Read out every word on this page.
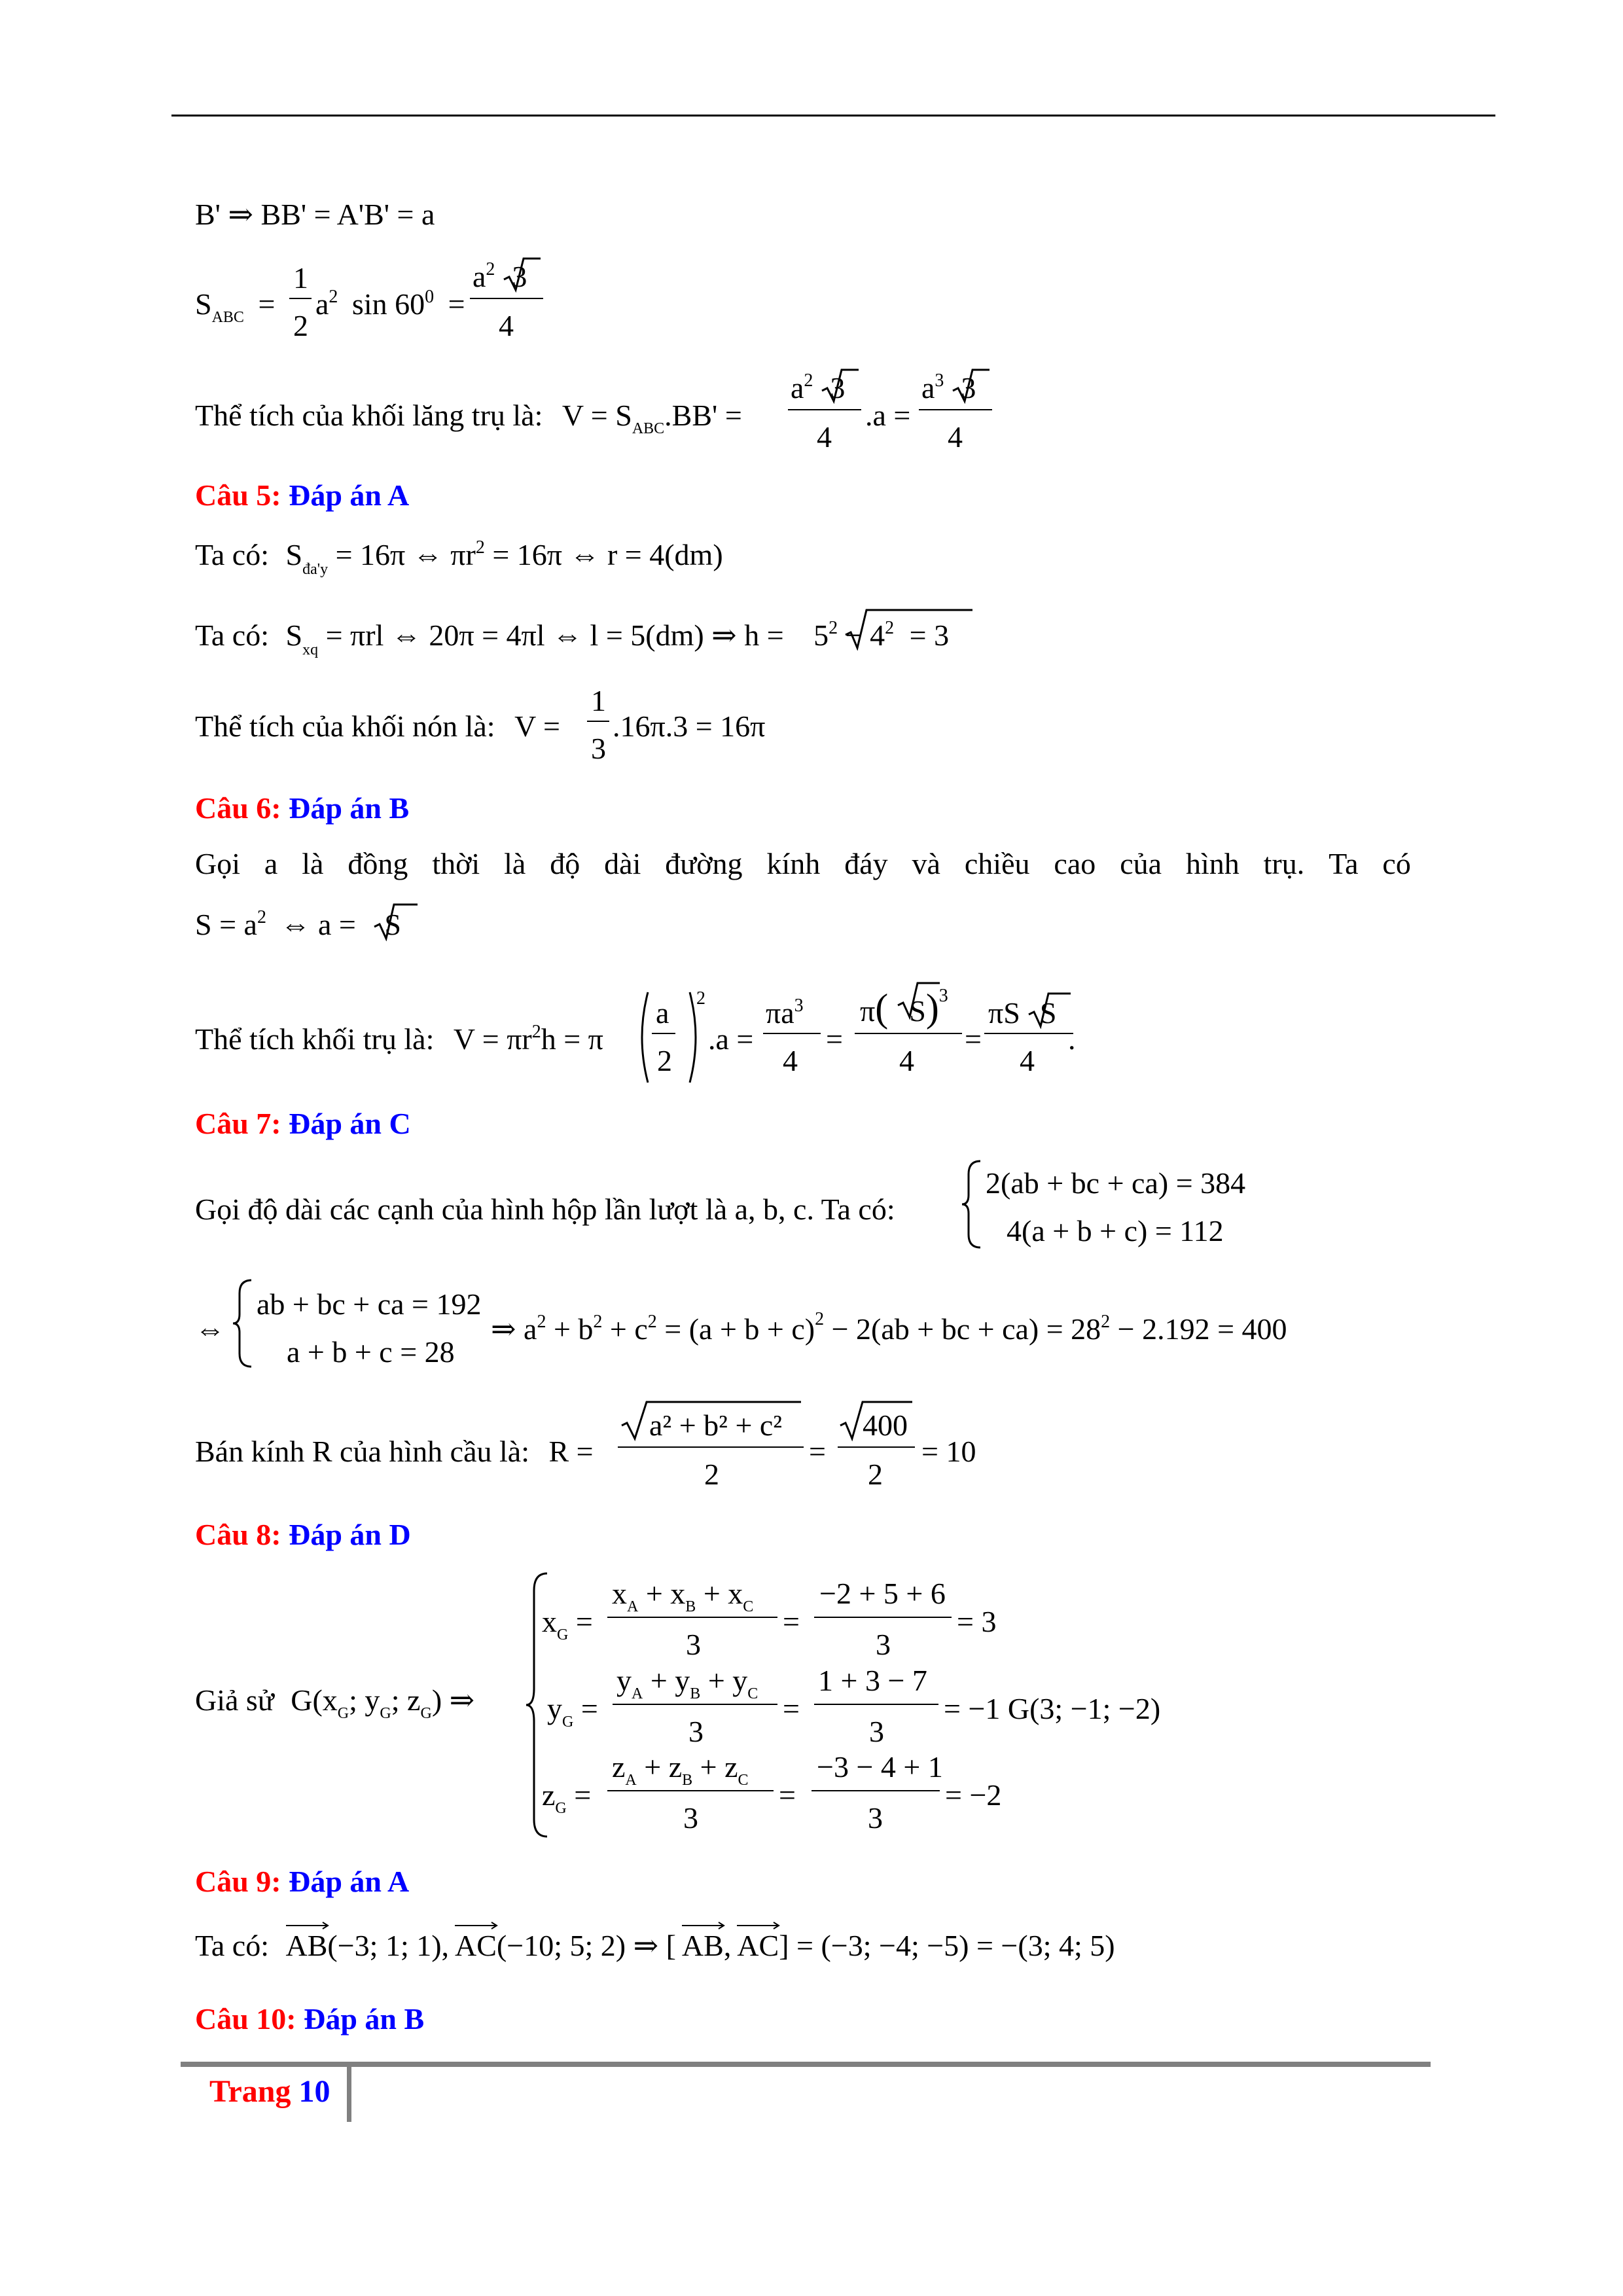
B' ⇒ BB' = A'B' = a
$S_{ABC}$ =
1
2
$a^2$ $\sin 60^0$ =
$a^2$ 3
4
Thể tích của khối lăng trụ là: $V = S_{ABC}.BB'$ =
$a^2$ 3
4
.a =
$a^3$ 3
4
Câu 5: Đáp án A
Ta có: $S_{đa'y} = 16\pi$ ⇔ $\pi r^2 = 16\pi$ ⇔ r = 4(dm)
Ta có: $S_{xq} = \pi rl$ ⇔ 20π = 4πl ⇔ l = 5(dm) ⇒ $h = 5^2 - 4^2 = 3$
Thể tích của khối nón là: V =
1
3
.16π.3 = 16π
Câu 6: Đáp án B
Gọi a là đồng thời là độ dài đường kính đáy và chiều cao của hình trụ. Ta có
$S = a^2$ ⇔ a = S
Thể tích khối trụ là: $V = \pi r^2h = \pi$
a
2
2
.a =
$\pi a^3$
4
=
π( S)$^3$
4
=
πS S
4
.
Câu 7: Đáp án C
Gọi độ dài các cạnh của hình hộp lần lượt là a, b, c. Ta có:
2(ab + bc + ca) = 384
4(a + b + c) = 112
⇔
ab + bc + ca = 192
a + b + c = 28
⇒ $a^2 + b^2 + c^2 = (a + b + c)^2 - 2(ab$ + bc + $ca) = 28^2 - 2.192 = 400$
Bán kính R của hình cầu là: R =
a² + b² + c²
2
=
400
2
= 10
Câu 8: Đáp án D
Giả sử $G(x_G$; $y_G$; $z_G$) ⇒
$x_G$ =
$x_A + x_B + x_C$
3
=
−2 + 5 + 6
3
= 3
$y_G$ =
$y_A + y_B + y_C$
3
=
1 + 3 − 7
3
= −1 G(3; −1; −2)
$z_G$ =
$z_A + z_B + z_C$
3
=
−3 − 4 + 1
3
= −2
Câu 9: Đáp án A
Ta có: AB
(−3; 1; 1), AC
(−10; 5; 2) ⇒ [ AB
, AC
] = (−3; −4; −5) = −(3; 4; 5)
Câu 10: Đáp án B
Trang 10
